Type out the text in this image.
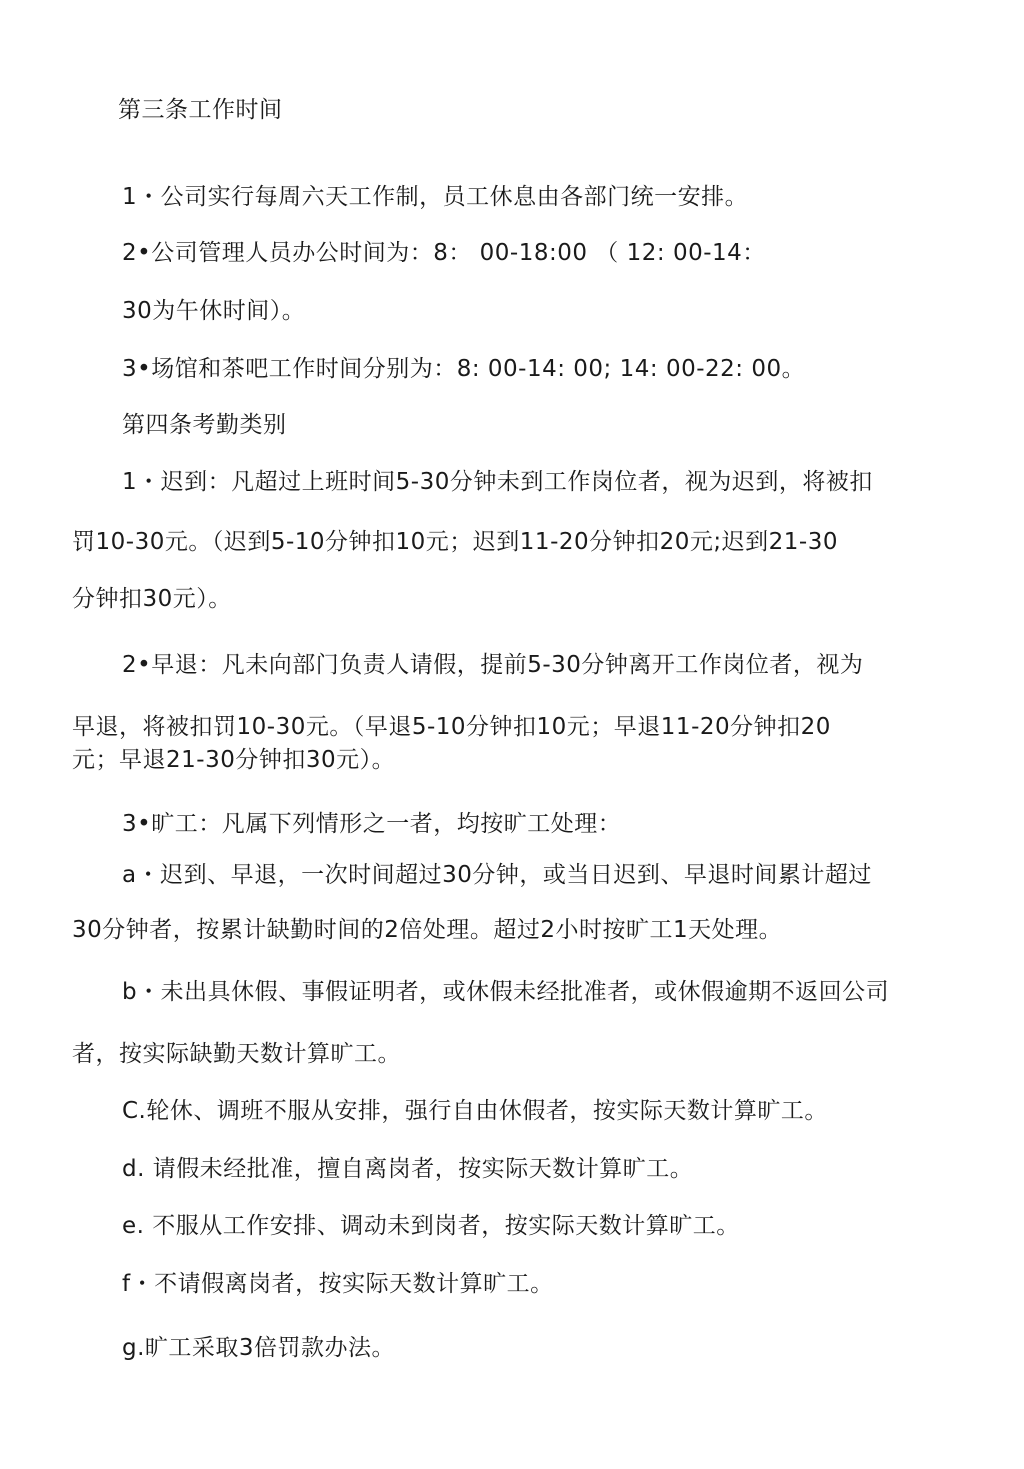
第三条工作时间
1・公司实行每周六天工作制，员工休息由各部门统一安排。
2•公司管理人员办公时间为：8： 00-18:00 （ 12: 00-14：
30为午休时间）。
3•场馆和茶吧工作时间分别为：8: 00-14: 00; 14: 00-22: 00。
第四条考勤类别
1・迟到：凡超过上班时间5-30分钟未到工作岗位者，视为迟到，将被扣
罚10-30元。（迟到5-10分钟扣10元；迟到11-20分钟扣20元;迟到21-30
分钟扣30元）。
2•早退：凡未向部门负责人请假，提前5-30分钟离开工作岗位者，视为
早退，将被扣罚10-30元。（早退5-10分钟扣10元；早退11-20分钟扣20
元；早退21-30分钟扣30元）。
3•旷工：凡属下列情形之一者，均按旷工处理：
a・迟到、早退，一次时间超过30分钟，或当日迟到、早退时间累计超过
30分钟者，按累计缺勤时间的2倍处理。超过2小时按旷工1天处理。
b・未出具休假、事假证明者，或休假未经批准者，或休假逾期不返回公司
者，按实际缺勤天数计算旷工。
C.轮休、调班不服从安排，强行自由休假者，按实际天数计算旷工。
d. 请假未经批准，擅自离岗者，按实际天数计算旷工。
e. 不服从工作安排、调动未到岗者，按实际天数计算旷工。
f・不请假离岗者，按实际天数计算旷工。
g.旷工采取3倍罚款办法。
